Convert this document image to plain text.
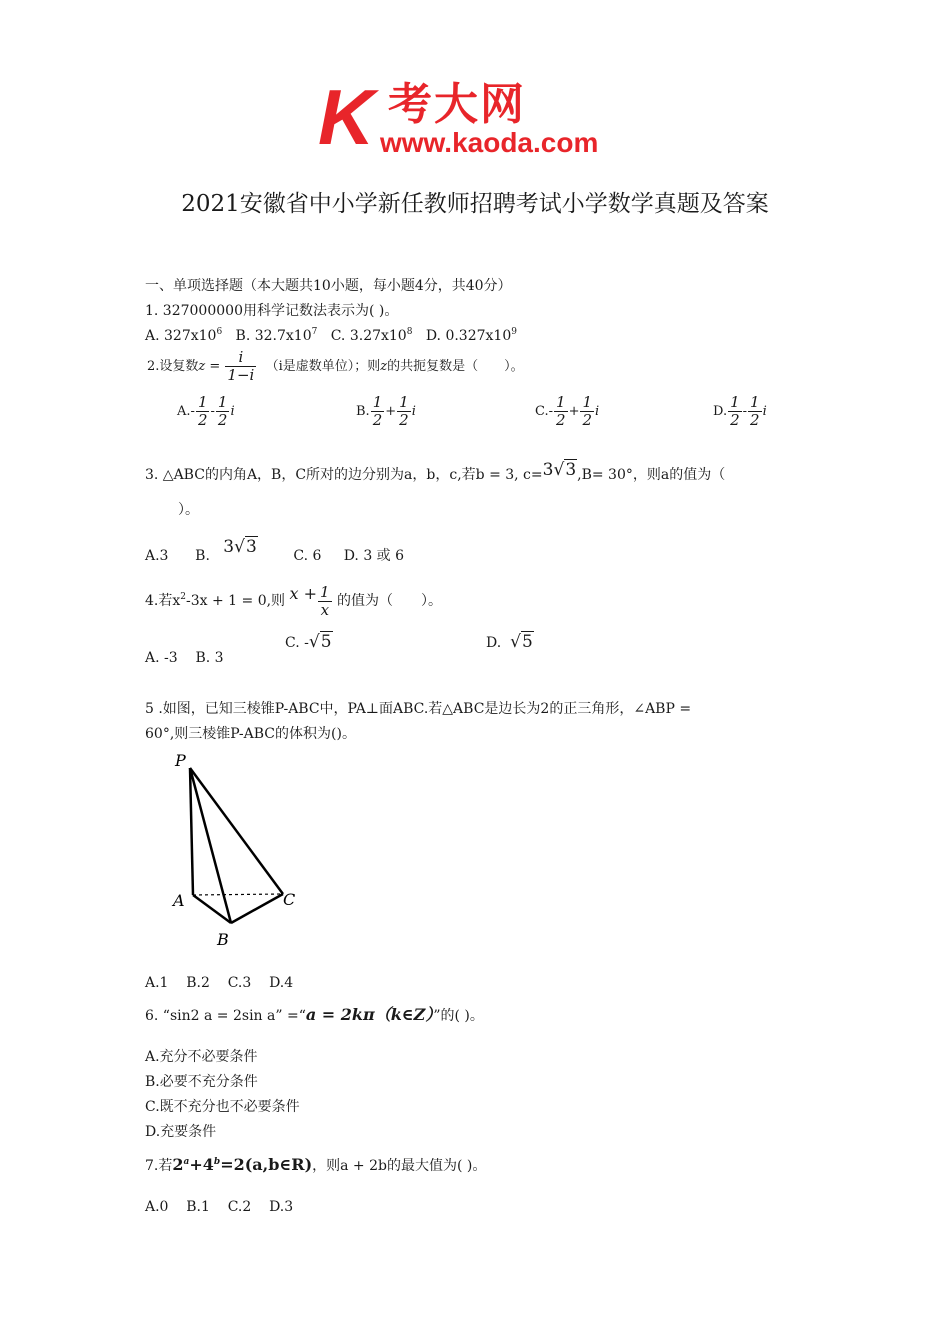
K 考大网
www.kaoda.com
2021安徽省中小学新任教师招聘考试小学数学真题及答案
一、单项选择题（本大题共10小题，每小题4分，共40分）
1. 327000000用科学记数法表示为( )。
A. $327x10^6$ B. $32.7x10^7$ C. $3.27x10^8$ D. $0.327x10^9$
2.设复数$z = \frac{i}{1-i} (i$是虚数单位）；则z的共扼复数是（　　）。
$A.- \frac{1}{2} - \frac{1}{2}$ i	B. $\frac{1}{2} + \frac{1}{2}$ i	$C.- \frac{1}{2} + \frac{1}{2}$ i	D. $\frac{1}{2} - \frac{1}{2}$ i
3. △ABC的内角A，B，C所对的边分别为a，b，c,若b = 3, c=3√3,B= 30°，则a的值为（
）。
A.3 B. 3√3	C. 6 D. 3 或 6
4.若$x^2-3x + 1 = 0$,则 $x + \frac{1}{x}$ 的值为（　　）。
A. -3 B. 3
C. -√5	D. √5
5 .如图，已知三棱锥P-ABC中，PA⊥面ABC.若△ABC是边长为2的正三角形，∠ABP =
60°,则三棱锥P-ABC的体积为()。
P
A
B
C
A.1    B.2    C.3    D.4
6. “sin2 a = 2sin a” =“a = 2kπ（k∈Z）”的( )。
A.充分不必要条件
B.必要不充分条件
C.既不充分也不必要条件
D.充要条件
7.若$2^a+4^b=2(a,b\in R)$，则a + 2b的最大值为( )。
A.0    B.1    C.2    D.3
